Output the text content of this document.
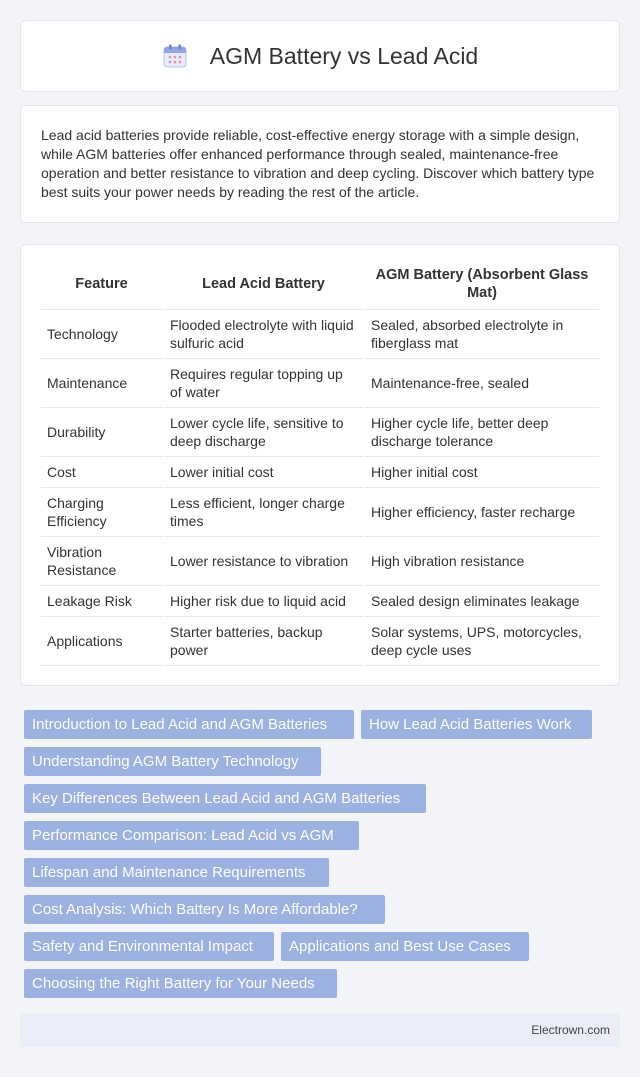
AGM Battery vs Lead Acid
Lead acid batteries provide reliable, cost-effective energy storage with a simple design, while AGM batteries offer enhanced performance through sealed, maintenance-free operation and better resistance to vibration and deep cycling. Discover which battery type best suits your power needs by reading the rest of the article.
Feature	Lead Acid Battery	AGM Battery (Absorbent Glass Mat)
Technology	Flooded electrolyte with liquid sulfuric acid	Sealed, absorbed electrolyte in fiberglass mat
Maintenance	Requires regular topping up of water	Maintenance-free, sealed
Durability	Lower cycle life, sensitive to deep discharge	Higher cycle life, better deep discharge tolerance
Cost	Lower initial cost	Higher initial cost
Charging Efficiency	Less efficient, longer charge times	Higher efficiency, faster recharge
Vibration Resistance	Lower resistance to vibration	High vibration resistance
Leakage Risk	Higher risk due to liquid acid	Sealed design eliminates leakage
Applications	Starter batteries, backup power	Solar systems, UPS, motorcycles, deep cycle uses
Introduction to Lead Acid and AGM Batteries	How Lead Acid Batteries Work
Understanding AGM Battery Technology
Key Differences Between Lead Acid and AGM Batteries
Performance Comparison: Lead Acid vs AGM
Lifespan and Maintenance Requirements
Cost Analysis: Which Battery Is More Affordable?
Safety and Environmental Impact	Applications and Best Use Cases
Choosing the Right Battery for Your Needs
Electrown.com
